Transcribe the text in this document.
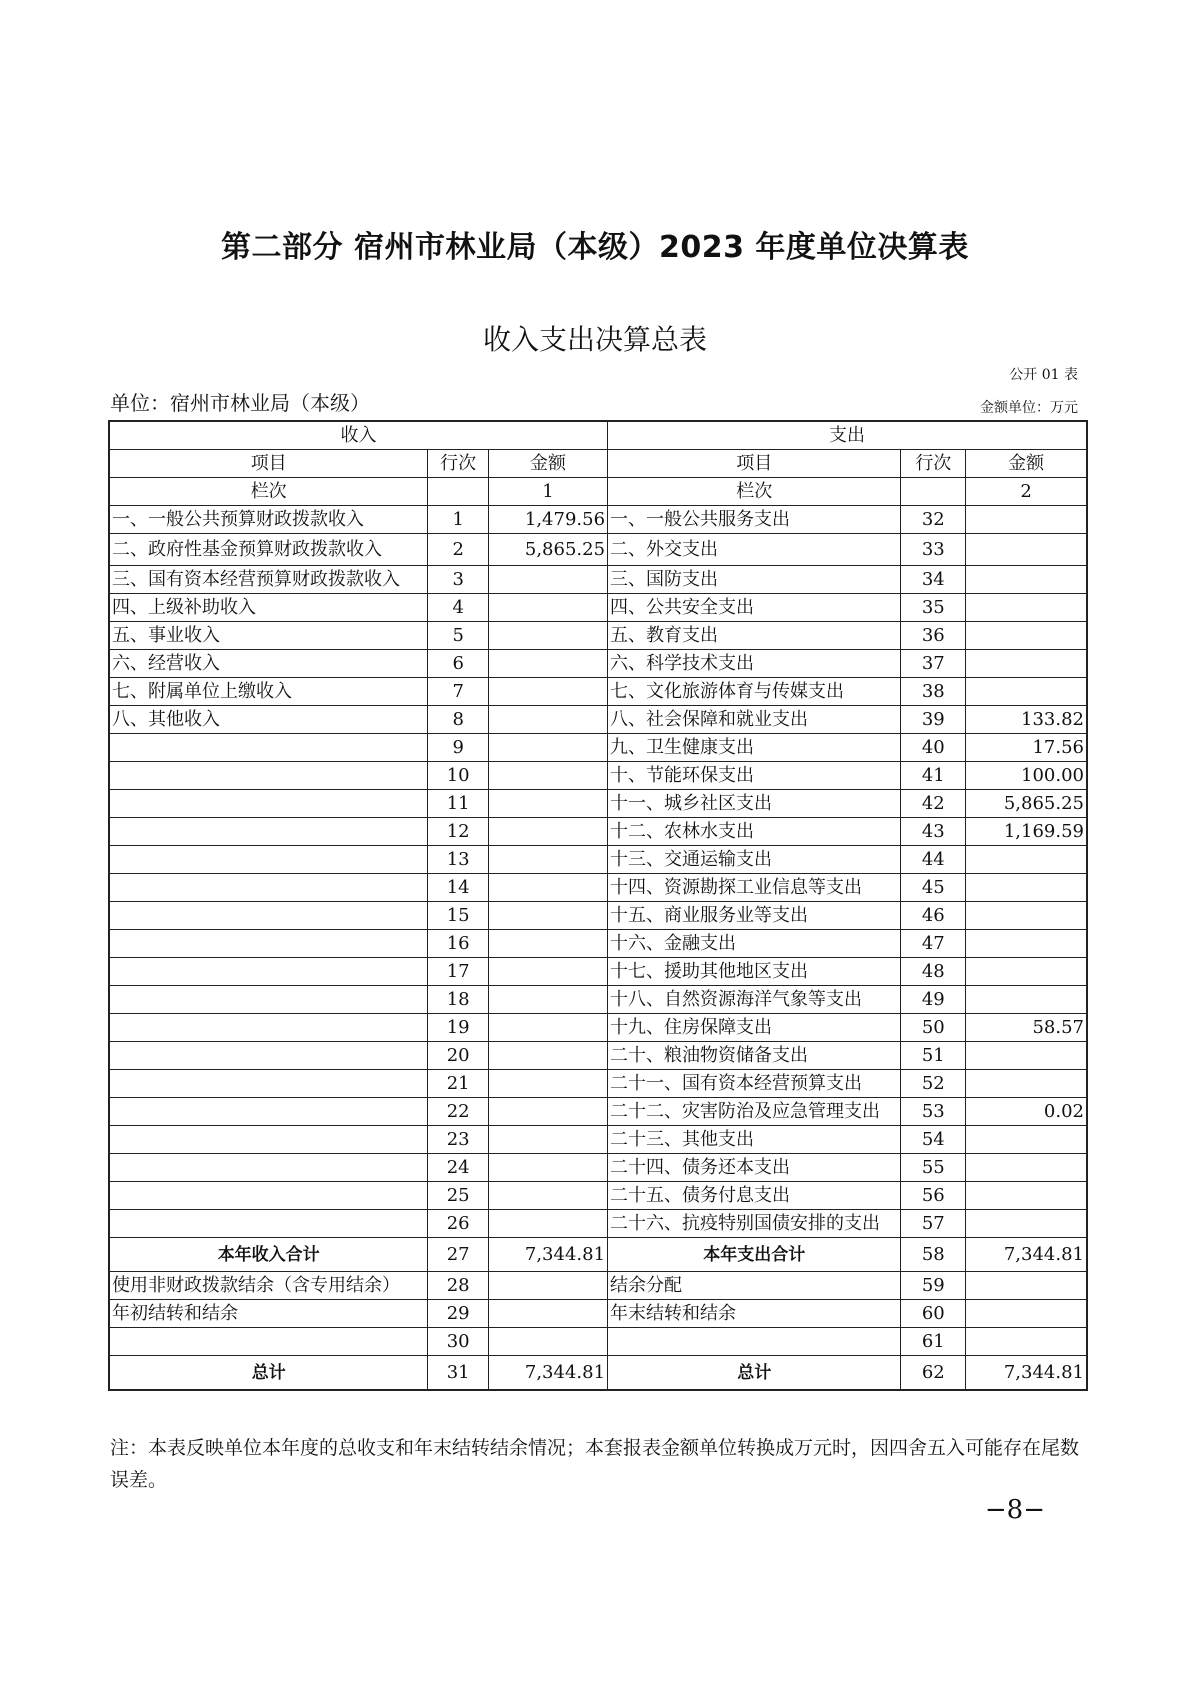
第二部分 宿州市林业局（本级）2023 年度单位决算表
收入支出决算总表
公开 01 表
单位：宿州市林业局（本级）	金额单位：万元
收入			支出		
项目	行次	金额	项目	行次	金额
栏次		1	栏次		2
一、一般公共预算财政拨款收入	1	1,479.56	一、一般公共服务支出	32	
二、政府性基金预算财政拨款收入	2	5,865.25	二、外交支出	33	
三、国有资本经营预算财政拨款收入	3		三、国防支出	34	
四、上级补助收入	4		四、公共安全支出	35	
五、事业收入	5		五、教育支出	36	
六、经营收入	6		六、科学技术支出	37	
七、附属单位上缴收入	7		七、文化旅游体育与传媒支出	38	
八、其他收入	8		八、社会保障和就业支出	39	133.82
	9		九、卫生健康支出	40	17.56
	10		十、节能环保支出	41	100.00
	11		十一、城乡社区支出	42	5,865.25
	12		十二、农林水支出	43	1,169.59
	13		十三、交通运输支出	44	
	14		十四、资源勘探工业信息等支出	45	
	15		十五、商业服务业等支出	46	
	16		十六、金融支出	47	
	17		十七、援助其他地区支出	48	
	18		十八、自然资源海洋气象等支出	49	
	19		十九、住房保障支出	50	58.57
	20		二十、粮油物资储备支出	51	
	21		二十一、国有资本经营预算支出	52	
	22		二十二、灾害防治及应急管理支出	53	0.02
	23		二十三、其他支出	54	
	24		二十四、债务还本支出	55	
	25		二十五、债务付息支出	56	
	26		二十六、抗疫特别国债安排的支出	57	
本年收入合计	27	7,344.81	本年支出合计	58	7,344.81
使用非财政拨款结余（含专用结余）	28		结余分配	59	
年初结转和结余	29		年末结转和结余	60	
	30			61	
总计	31	7,344.81	总计	62	7,344.81
注：本表反映单位本年度的总收支和年末结转结余情况；本套报表金额单位转换成万元时，因四舍五入可能存在尾数误差。
−8−
